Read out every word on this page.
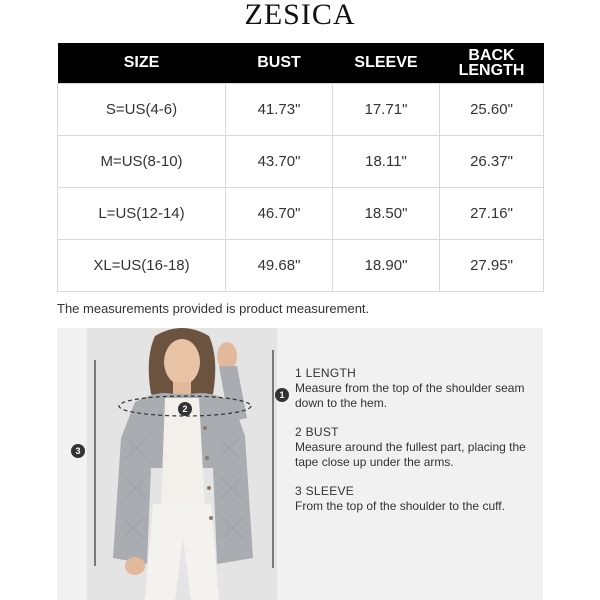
ZESICA
SIZE	BUST	SLEEVE	BACK LENGTH
S=US(4-6)	41.73"	17.71"	25.60"
M=US(8-10)	43.70"	18.11"	26.37"
L=US(12-14)	46.70"	18.50"	27.16"
XL=US(16-18)	49.68"	18.90"	27.95"
The measurements provided is product measurement.
1
2
3
1 LENGTH
Measure from the top of the shoulder seam down to the hem.
2 BUST
Measure around the fullest part, placing the tape close up under the arms.
3 SLEEVE
From the top of the shoulder to the cuff.
